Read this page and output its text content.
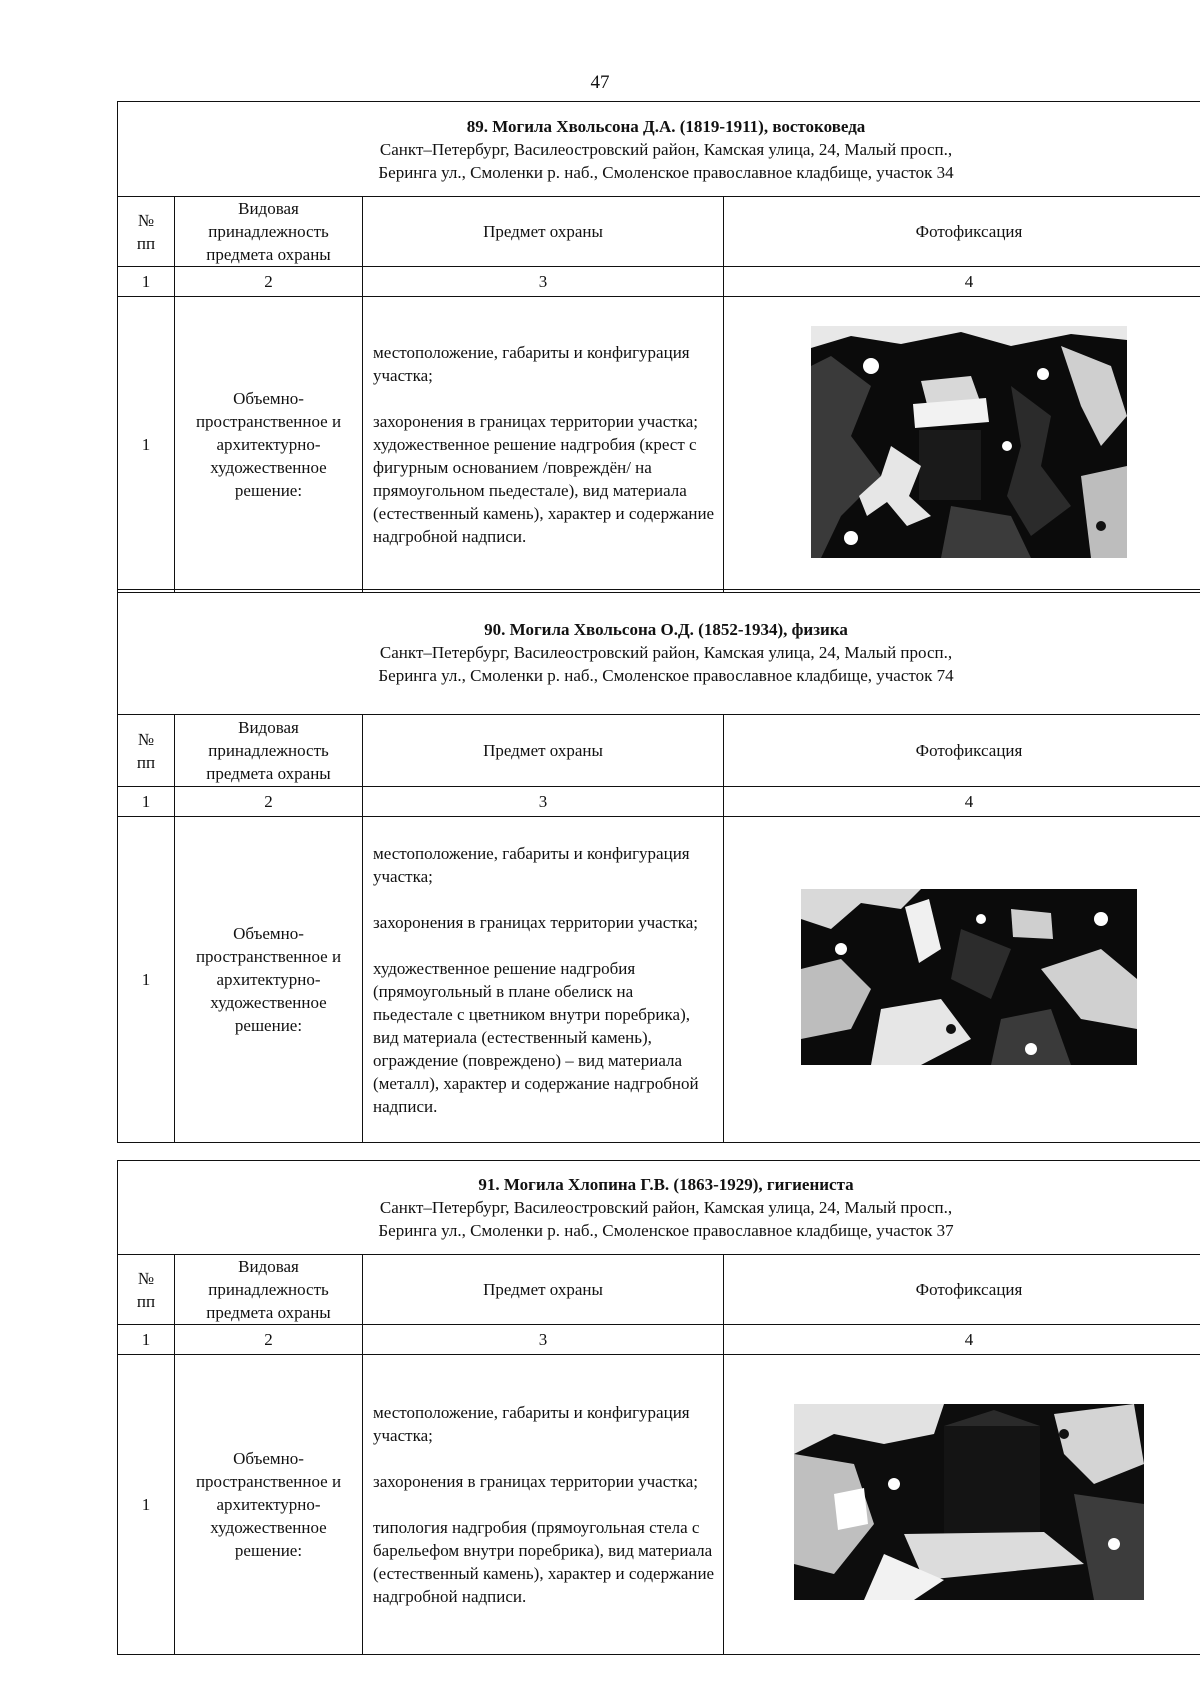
47
89. Могила Хвольсона Д.А. (1819-1911), востоковеда
Санкт–Петербург, Василеостровский район, Камская улица, 24, Малый просп.,
Беринга ул., Смоленки р. наб., Смоленское православное кладбище, участок 34			

№
пп	Видовая принадлежность предмета охраны	Предмет охраны	Фотофиксация
1	2	3	4
1	Объемно-пространственное и архитектурно-художественное решение:	местоположение, габариты и конфигурация участка;

захоронения в границах территории участка;

художественное решение надгробия (крест с фигурным основанием /повреждён/ на прямоугольном пьедестале), вид материала (естественный камень), характер и содержание надгробной надписи.

90. Могила Хвольсона О.Д. (1852-1934), физика
Санкт–Петербург, Василеостровский район, Камская улица, 24, Малый просп.,
Беринга ул., Смоленки р. наб., Смоленское православное кладбище, участок 74			

№
пп	Видовая принадлежность предмета охраны	Предмет охраны	Фотофиксация
1	2	3	4
1	Объемно-пространственное и архитектурно-художественное решение:	местоположение, габариты и конфигурация участка;

захоронения в границах территории участка;

художественное решение надгробия (прямоугольный в плане обелиск на пьедестале с цветником внутри поребрика), вид материала (естественный камень), ограждение (повреждено) – вид материала (металл), характер и содержание надгробной надписи.

91. Могила Хлопина Г.В. (1863-1929), гигиениста
Санкт–Петербург, Василеостровский район, Камская улица, 24, Малый просп.,
Беринга ул., Смоленки р. наб., Смоленское православное кладбище, участок 37			

№
пп	Видовая принадлежность предмета охраны	Предмет охраны	Фотофиксация
1	2	3	4
1	Объемно-пространственное и архитектурно-художественное решение:	местоположение, габариты и конфигурация участка;

захоронения в границах территории участка;

типология надгробия (прямоугольная стела с барельефом внутри поребрика), вид материала (естественный камень), характер и содержание надгробной надписи.
